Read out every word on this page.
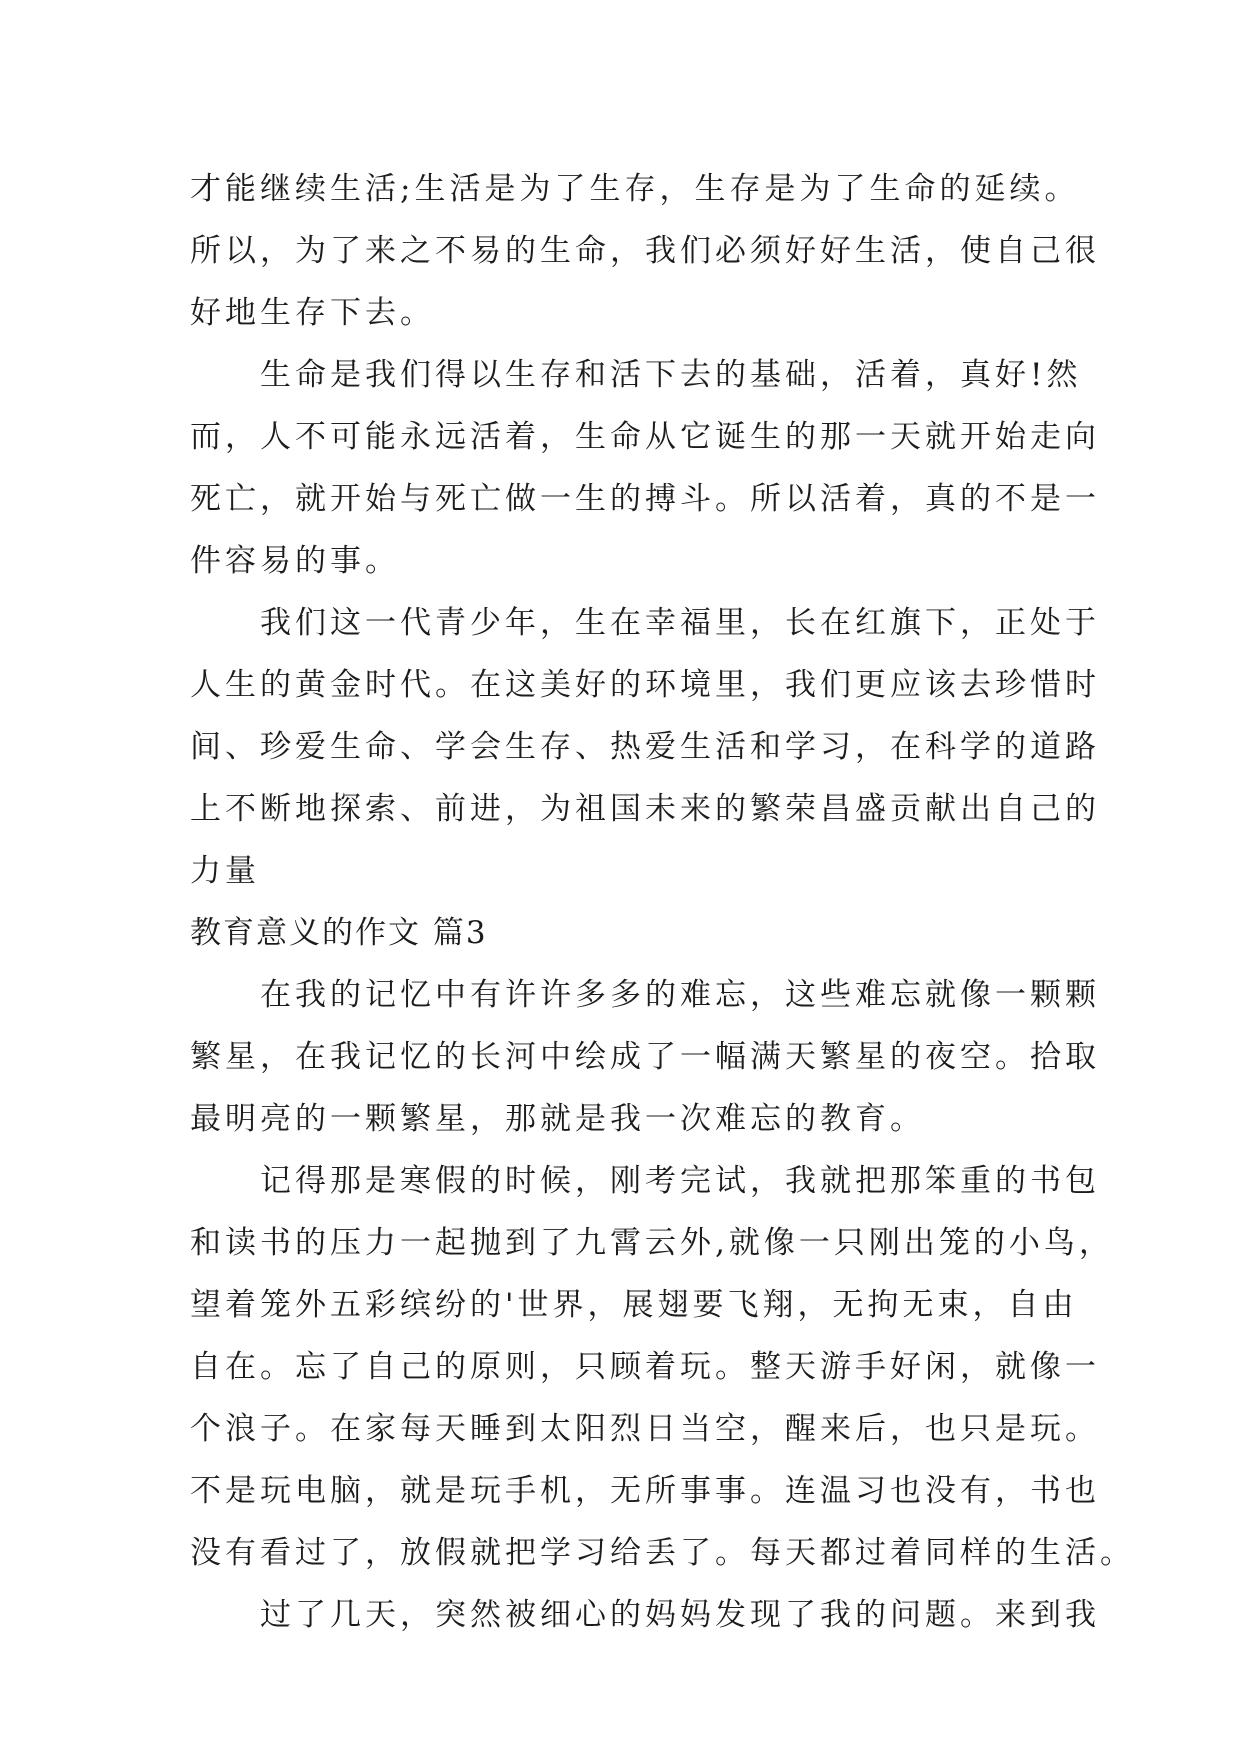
才能继续生活;生活是为了生存，生存是为了生命的延续。
所以，为了来之不易的生命，我们必须好好生活，使自己很
好地生存下去。
生命是我们得以生存和活下去的基础，活着，真好!然
而，人不可能永远活着，生命从它诞生的那一天就开始走向
死亡，就开始与死亡做一生的搏斗。所以活着，真的不是一
件容易的事。
我们这一代青少年，生在幸福里，长在红旗下，正处于
人生的黄金时代。在这美好的环境里，我们更应该去珍惜时
间、珍爱生命、学会生存、热爱生活和学习，在科学的道路
上不断地探索、前进，为祖国未来的繁荣昌盛贡献出自己的
力量
教育意义的作文 篇3
在我的记忆中有许许多多的难忘，这些难忘就像一颗颗
繁星，在我记忆的长河中绘成了一幅满天繁星的夜空。拾取
最明亮的一颗繁星，那就是我一次难忘的教育。
记得那是寒假的时候，刚考完试，我就把那笨重的书包
和读书的压力一起抛到了九霄云外,就像一只刚出笼的小鸟，
望着笼外五彩缤纷的'世界，展翅要飞翔，无拘无束，自由
自在。忘了自己的原则，只顾着玩。整天游手好闲，就像一
个浪子。在家每天睡到太阳烈日当空，醒来后，也只是玩。
不是玩电脑，就是玩手机，无所事事。连温习也没有，书也
没有看过了，放假就把学习给丢了。每天都过着同样的生活。
过了几天，突然被细心的妈妈发现了我的问题。来到我
